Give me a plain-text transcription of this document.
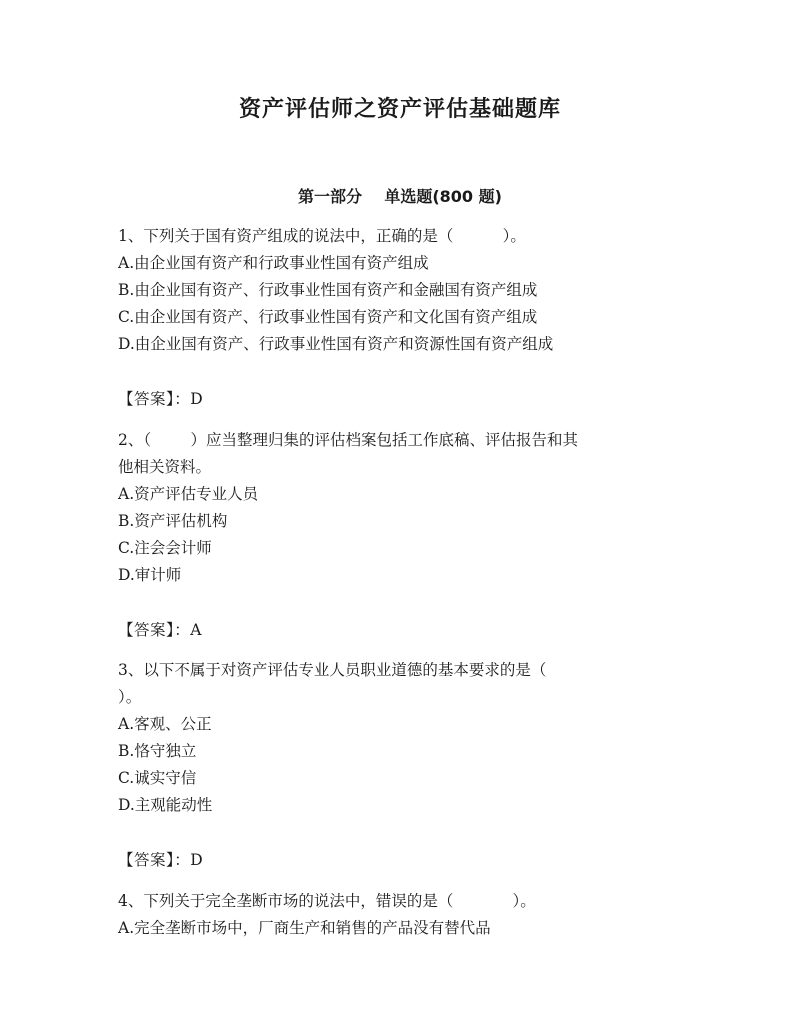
资产评估师之资产评估基础题库
第一部分    单选题(800 题)

1、下列关于国有资产组成的说法中，正确的是（          ）。

A.由企业国有资产和行政事业性国有资产组成

B.由企业国有资产、行政事业性国有资产和金融国有资产组成

C.由企业国有资产、行政事业性国有资产和文化国有资产组成

D.由企业国有资产、行政事业性国有资产和资源性国有资产组成

【答案】：D

2、（        ）应当整理归集的评估档案包括工作底稿、评估报告和其

他相关资料。

A.资产评估专业人员

B.资产评估机构

C.注会会计师

D.审计师

【答案】：A

3、以下不属于对资产评估专业人员职业道德的基本要求的是（

）。

A.客观、公正

B.恪守独立

C.诚实守信

D.主观能动性

【答案】：D

4、下列关于完全垄断市场的说法中，错误的是（            ）。

A.完全垄断市场中，厂商生产和销售的产品没有替代品
